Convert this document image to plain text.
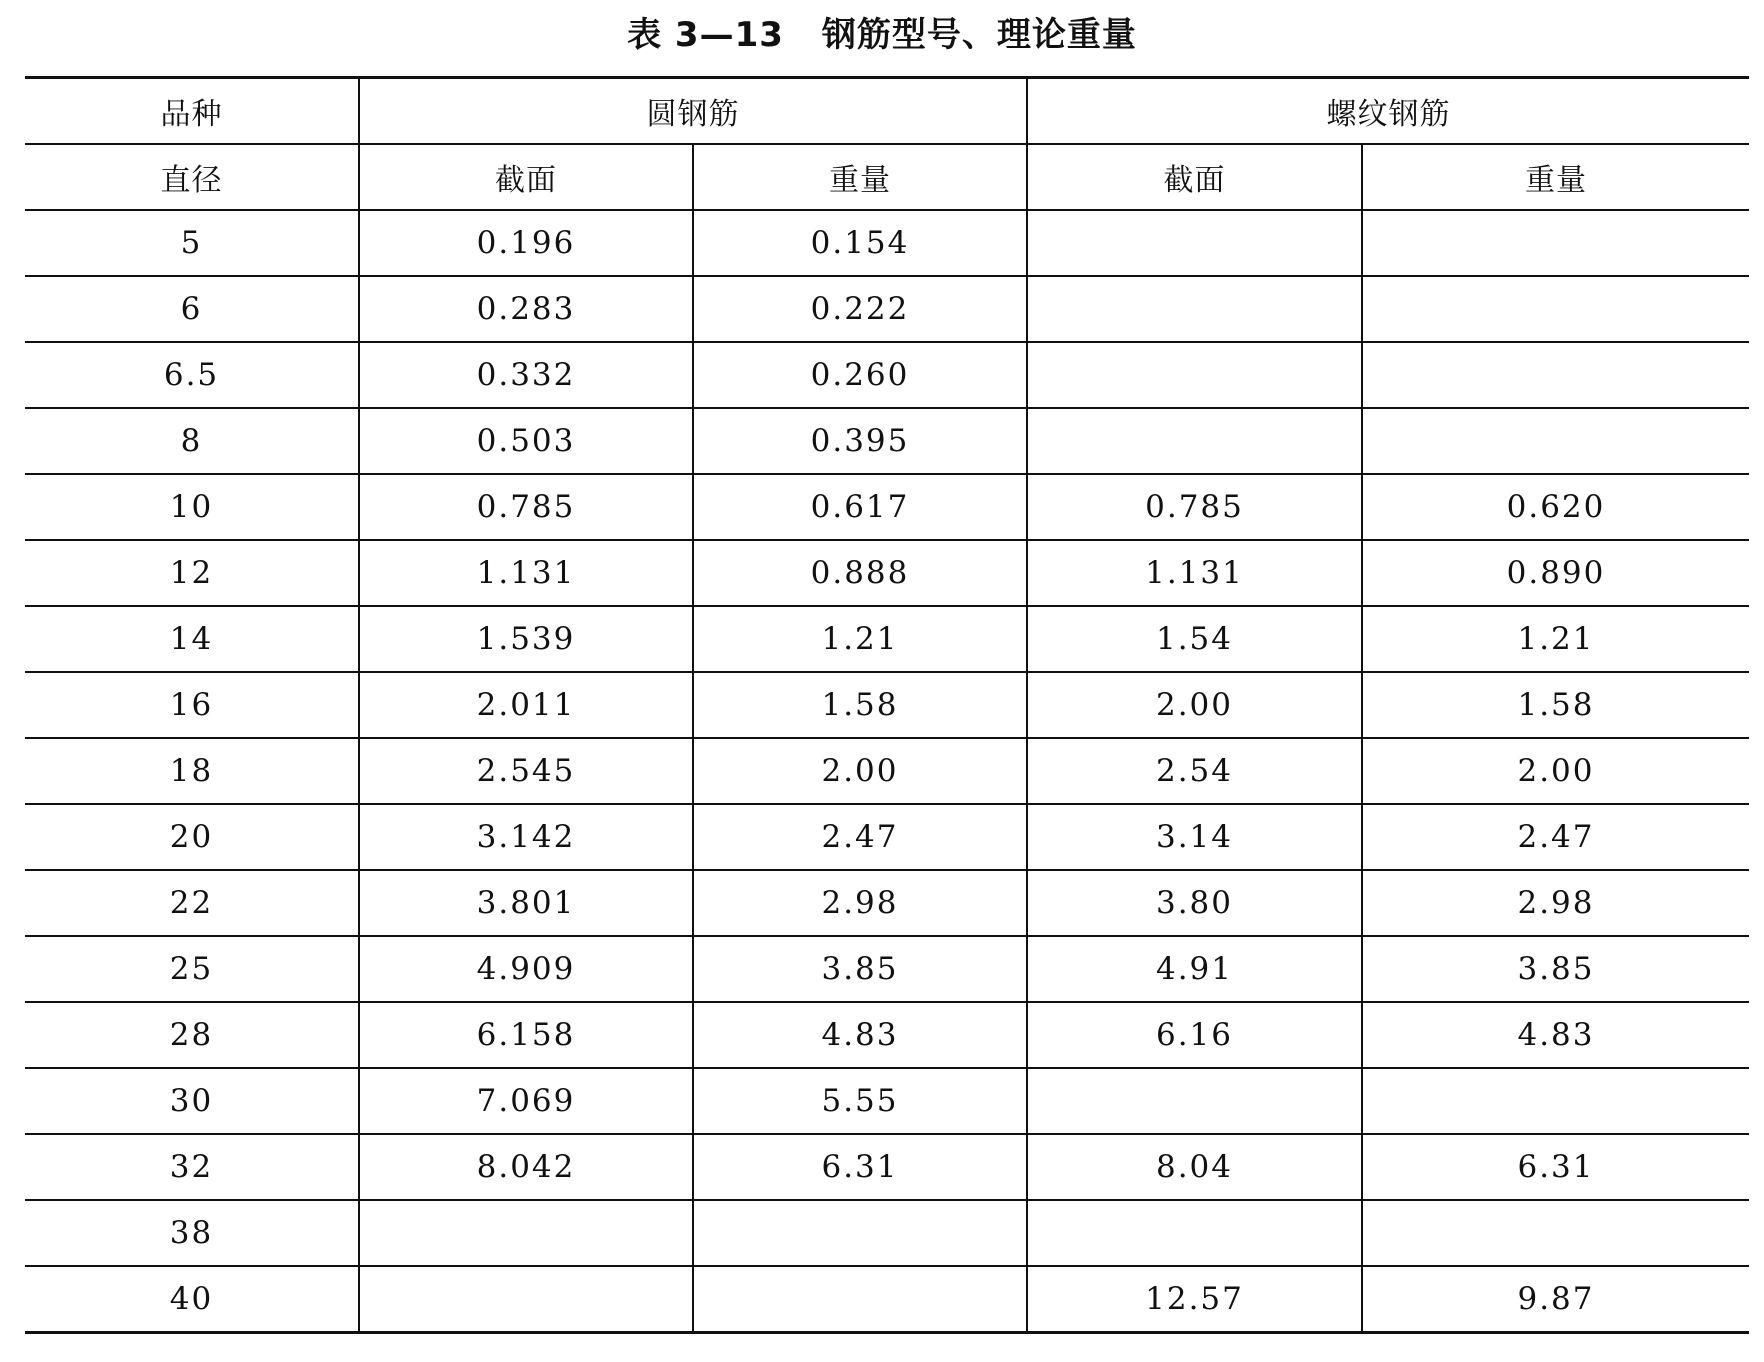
表 3—13 钢筋型号、理论重量
品种	圆钢筋		螺纹钢筋	
直径	截面	重量	截面	重量
5	0.196	0.154		
6	0.283	0.222		
6.5	0.332	0.260		
8	0.503	0.395		
10	0.785	0.617	0.785	0.620
12	1.131	0.888	1.131	0.890
14	1.539	1.21	1.54	1.21
16	2.011	1.58	2.00	1.58
18	2.545	2.00	2.54	2.00
20	3.142	2.47	3.14	2.47
22	3.801	2.98	3.80	2.98
25	4.909	3.85	4.91	3.85
28	6.158	4.83	6.16	4.83
30	7.069	5.55		
32	8.042	6.31	8.04	6.31
38				
40			12.57	9.87
